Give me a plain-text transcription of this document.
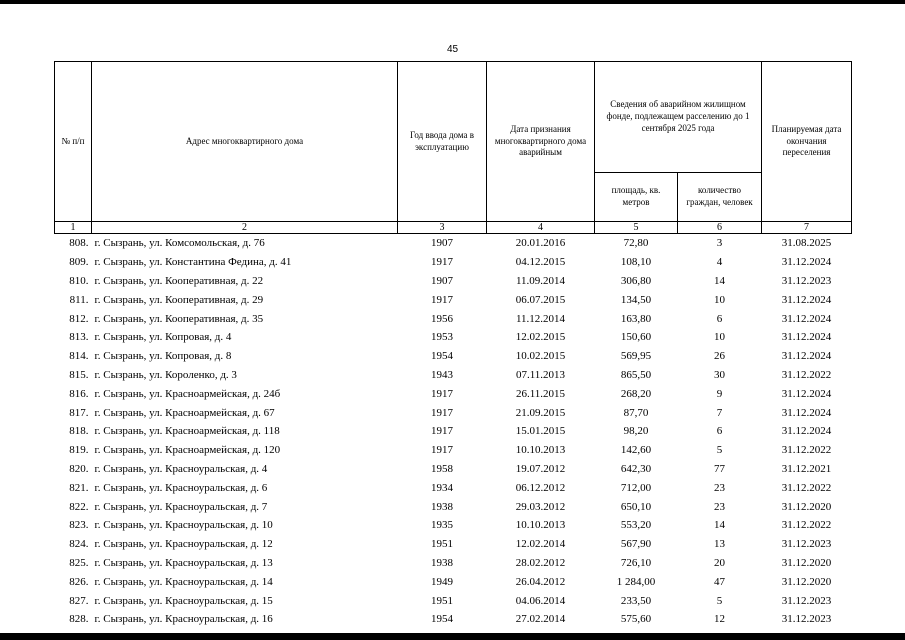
45
№ п/п	Адрес многоквартирного дома	Год ввода дома в эксплуатацию	Дата признания многоквартирного дома аварийным	Сведения об аварийном жилищном фонде, подлежащем расселению до 1 сентября 2025 года		Планируемая дата окончания переселения
				площадь, кв. метров	количество граждан, человек	
1	2	3	4	5	6	7
808.	г. Сызрань, ул. Комсомольская, д. 76	1907	20.01.2016	72,80	3	31.08.2025
809.	г. Сызрань, ул. Константина Федина, д. 41	1917	04.12.2015	108,10	4	31.12.2024
810.	г. Сызрань, ул. Кооперативная, д. 22	1907	11.09.2014	306,80	14	31.12.2023
811.	г. Сызрань, ул. Кооперативная, д. 29	1917	06.07.2015	134,50	10	31.12.2024
812.	г. Сызрань, ул. Кооперативная, д. 35	1956	11.12.2014	163,80	6	31.12.2024
813.	г. Сызрань, ул. Копровая, д. 4	1953	12.02.2015	150,60	10	31.12.2024
814.	г. Сызрань, ул. Копровая, д. 8	1954	10.02.2015	569,95	26	31.12.2024
815.	г. Сызрань, ул. Короленко, д. 3	1943	07.11.2013	865,50	30	31.12.2022
816.	г. Сызрань, ул. Красноармейская, д. 24б	1917	26.11.2015	268,20	9	31.12.2024
817.	г. Сызрань, ул. Красноармейская, д. 67	1917	21.09.2015	87,70	7	31.12.2024
818.	г. Сызрань, ул. Красноармейская, д. 118	1917	15.01.2015	98,20	6	31.12.2024
819.	г. Сызрань, ул. Красноармейская, д. 120	1917	10.10.2013	142,60	5	31.12.2022
820.	г. Сызрань, ул. Красноуральская, д. 4	1958	19.07.2012	642,30	77	31.12.2021
821.	г. Сызрань, ул. Красноуральская, д. 6	1934	06.12.2012	712,00	23	31.12.2022
822.	г. Сызрань, ул. Красноуральская, д. 7	1938	29.03.2012	650,10	23	31.12.2020
823.	г. Сызрань, ул. Красноуральская, д. 10	1935	10.10.2013	553,20	14	31.12.2022
824.	г. Сызрань, ул. Красноуральская, д. 12	1951	12.02.2014	567,90	13	31.12.2023
825.	г. Сызрань, ул. Красноуральская, д. 13	1938	28.02.2012	726,10	20	31.12.2020
826.	г. Сызрань, ул. Красноуральская, д. 14	1949	26.04.2012	1 284,00	47	31.12.2020
827.	г. Сызрань, ул. Красноуральская, д. 15	1951	04.06.2014	233,50	5	31.12.2023
828.	г. Сызрань, ул. Красноуральская, д. 16	1954	27.02.2014	575,60	12	31.12.2023
